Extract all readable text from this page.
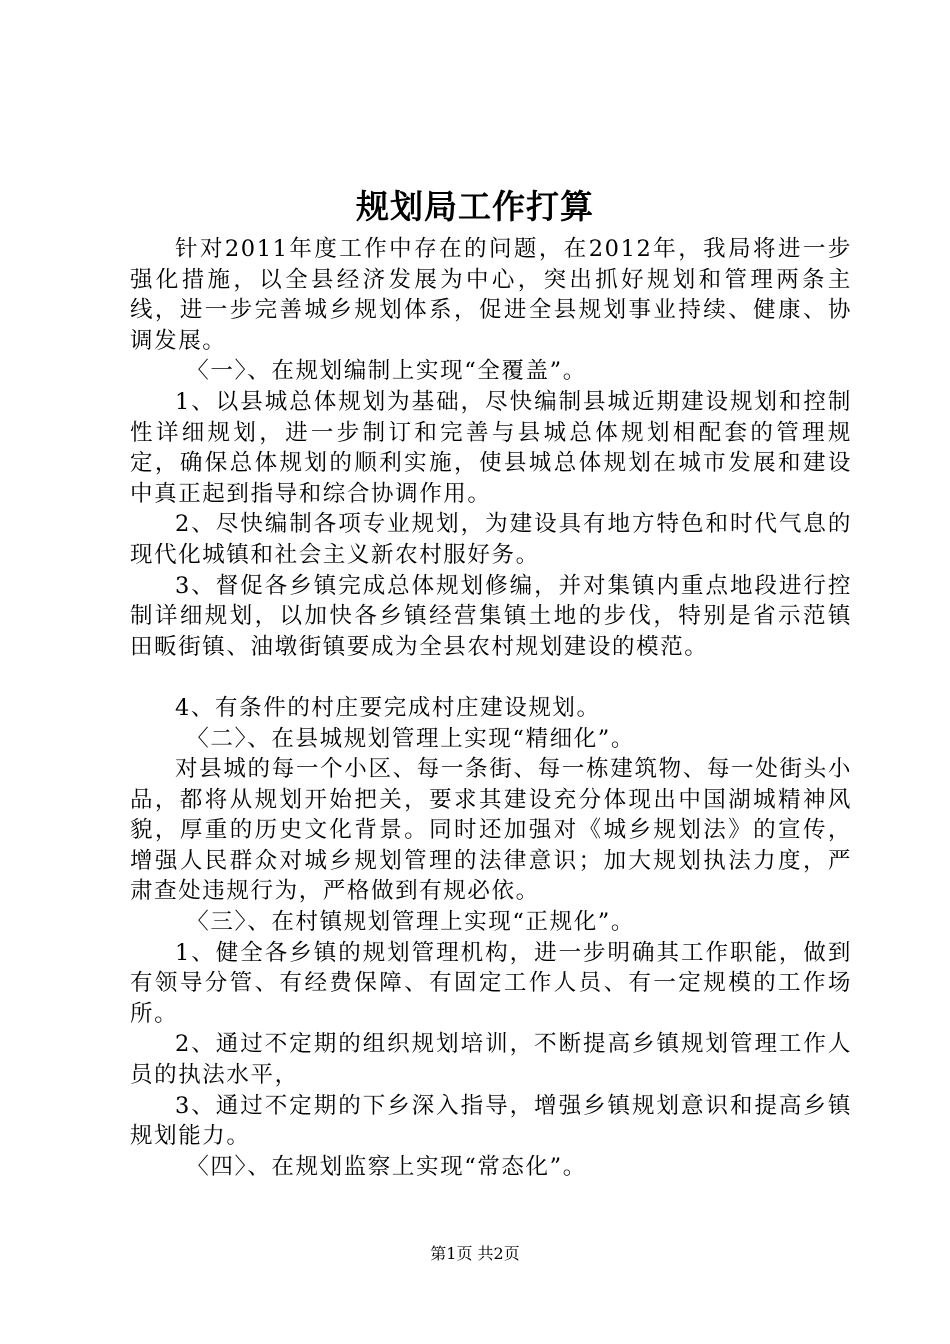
规划局工作打算

针对2011年度工作中存在的问题，在2012年，我局将进一步强化措施，以全县经济发展为中心，突出抓好规划和管理两条主线，进一步完善城乡规划体系，促进全县规划事业持续、健康、协调发展。

〈一〉、在规划编制上实现“全覆盖”。

1、以县城总体规划为基础，尽快编制县城近期建设规划和控制性详细规划，进一步制订和完善与县城总体规划相配套的管理规定，确保总体规划的顺利实施，使县城总体规划在城市发展和建设中真正起到指导和综合协调作用。

2、尽快编制各项专业规划，为建设具有地方特色和时代气息的现代化城镇和社会主义新农村服好务。

3、督促各乡镇完成总体规划修编，并对集镇内重点地段进行控制详细规划，以加快各乡镇经营集镇土地的步伐，特别是省示范镇田畈街镇、油墩街镇要成为全县农村规划建设的模范。

4、有条件的村庄要完成村庄建设规划。

〈二〉、在县城规划管理上实现“精细化”。

对县城的每一个小区、每一条街、每一栋建筑物、每一处街头小品，都将从规划开始把关，要求其建设充分体现出中国湖城精神风貌，厚重的历史文化背景。同时还加强对《城乡规划法》的宣传，增强人民群众对城乡规划管理的法律意识；加大规划执法力度，严肃查处违规行为，严格做到有规必依。

〈三〉、在村镇规划管理上实现“正规化”。

1、健全各乡镇的规划管理机构，进一步明确其工作职能，做到有领导分管、有经费保障、有固定工作人员、有一定规模的工作场所。

2、通过不定期的组织规划培训，不断提高乡镇规划管理工作人员的执法水平，

3、通过不定期的下乡深入指导，增强乡镇规划意识和提高乡镇规划能力。

〈四〉、在规划监察上实现“常态化”。

第1页 共2页
